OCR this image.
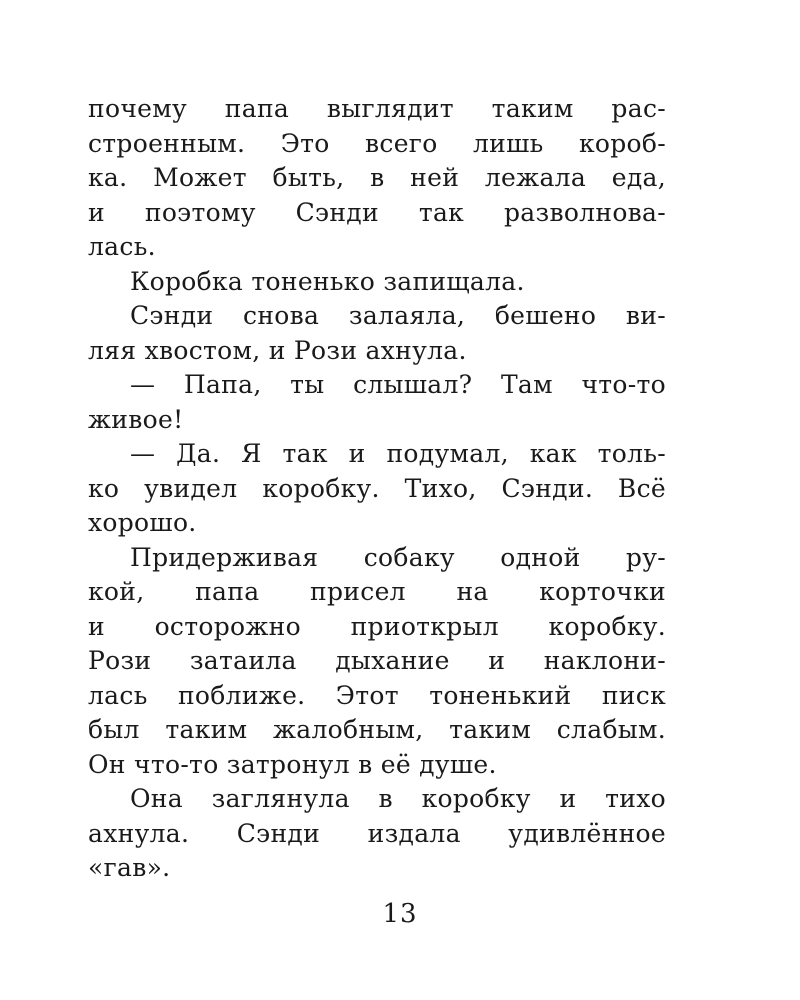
почему папа выглядит таким рас-
строенным. Это всего лишь короб-
ка. Может быть, в ней лежала еда,
и поэтому Сэнди так разволнова-
лась.
Коробка тоненько запищала.
Сэнди снова залаяла, бешено ви-
ляя хвостом, и Рози ахнула.
— Папа, ты слышал? Там что-то
живое!
— Да. Я так и подумал, как толь-
ко увидел коробку. Тихо, Сэнди. Всё
хорошо.
Придерживая собаку одной ру-
кой, папа присел на корточки
и осторожно приоткрыл коробку.
Рози затаила дыхание и наклони-
лась поближе. Этот тоненький писк
был таким жалобным, таким слабым.
Он что-то затронул в её душе.
Она заглянула в коробку и тихо
ахнула. Сэнди издала удивлённое
«гав».
13
